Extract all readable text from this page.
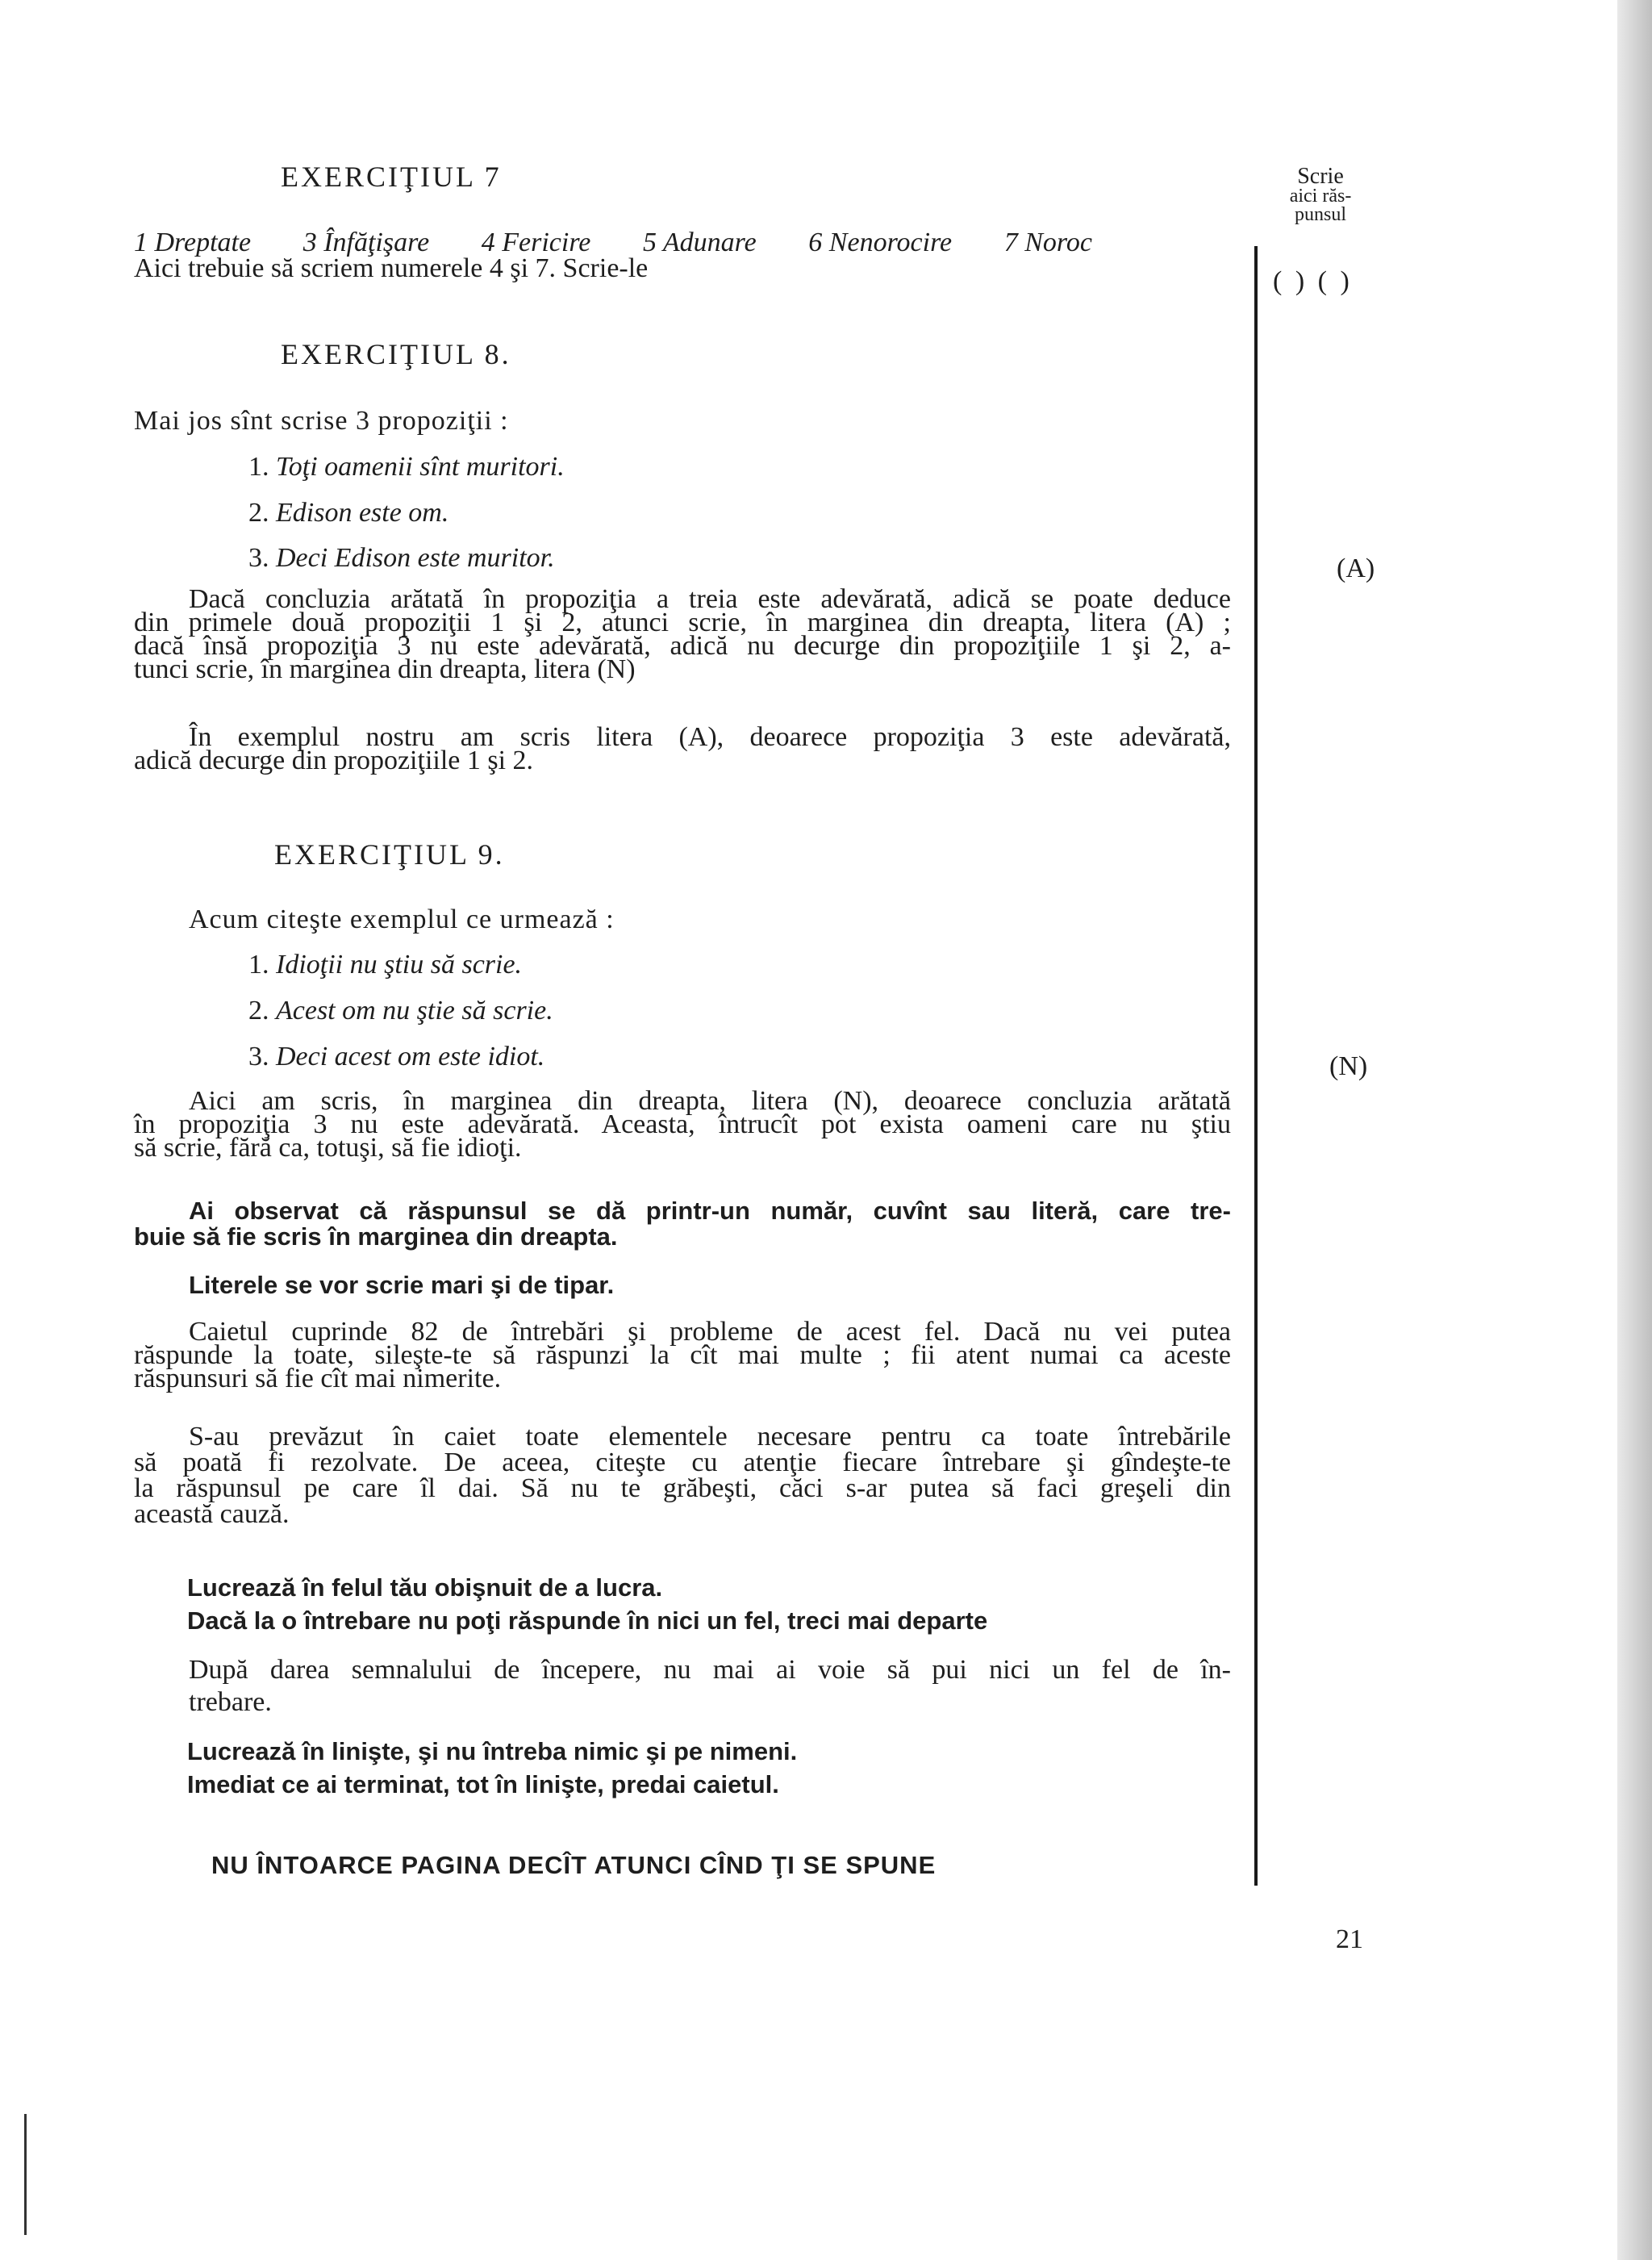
Scrie
aici răs-
punsul
( ) ( )
(A)
(N)
EXERCIŢIUL 7
1 Dreptate 3 Înfăţişare 4 Fericire 5 Adunare 6 Nenorocire 7 Noroc
Aici trebuie să scriem numerele 4 şi 7. Scrie-le
EXERCIŢIUL 8.
Mai jos sînt scrise 3 propoziţii :
1. Toţi oamenii sînt muritori.
2. Edison este om.
3. Deci Edison este muritor.
Dacă concluzia arătată în propoziţia a treia este adevărată, adică se poate deduce
din primele două propoziţii 1 şi 2, atunci scrie, în marginea din dreapta, litera (A) ;
dacă însă propoziţia 3 nu este adevărată, adică nu decurge din propoziţiile 1 şi 2, a-
tunci scrie, în marginea din dreapta, litera (N)
În exemplul nostru am scris litera (A), deoarece propoziţia 3 este adevărată,
adică decurge din propoziţiile 1 şi 2.
EXERCIŢIUL 9.
Acum citeşte exemplul ce urmează :
1. Idioţii nu ştiu să scrie.
2. Acest om nu ştie să scrie.
3. Deci acest om este idiot.
Aici am scris, în marginea din dreapta, litera (N), deoarece concluzia arătată
în propoziţia 3 nu este adevărată. Aceasta, întrucît pot exista oameni care nu ştiu
să scrie, fără ca, totuşi, să fie idioţi.
Ai observat că răspunsul se dă printr-un număr, cuvînt sau literă, care tre-
buie să fie scris în marginea din dreapta.
Literele se vor scrie mari şi de tipar.
Caietul cuprinde 82 de întrebări şi probleme de acest fel. Dacă nu vei putea
răspunde la toate, sileşte-te să răspunzi la cît mai multe ; fii atent numai ca aceste
răspunsuri să fie cît mai nimerite.
S-au prevăzut în caiet toate elementele necesare pentru ca toate întrebările
să poată fi rezolvate. De aceea, citeşte cu atenţie fiecare întrebare şi gîndeşte-te
la răspunsul pe care îl dai. Să nu te grăbeşti, căci s-ar putea să faci greşeli din
această cauză.
Lucrează în felul tău obişnuit de a lucra.
Dacă la o întrebare nu poţi răspunde în nici un fel, treci mai departe
După darea semnalului de începere, nu mai ai voie să pui nici un fel de în-
trebare.
Lucrează în linişte, şi nu întreba nimic şi pe nimeni.
Imediat ce ai terminat, tot în linişte, predai caietul.
NU ÎNTOARCE PAGINA DECÎT ATUNCI CÎND ŢI SE SPUNE
21
